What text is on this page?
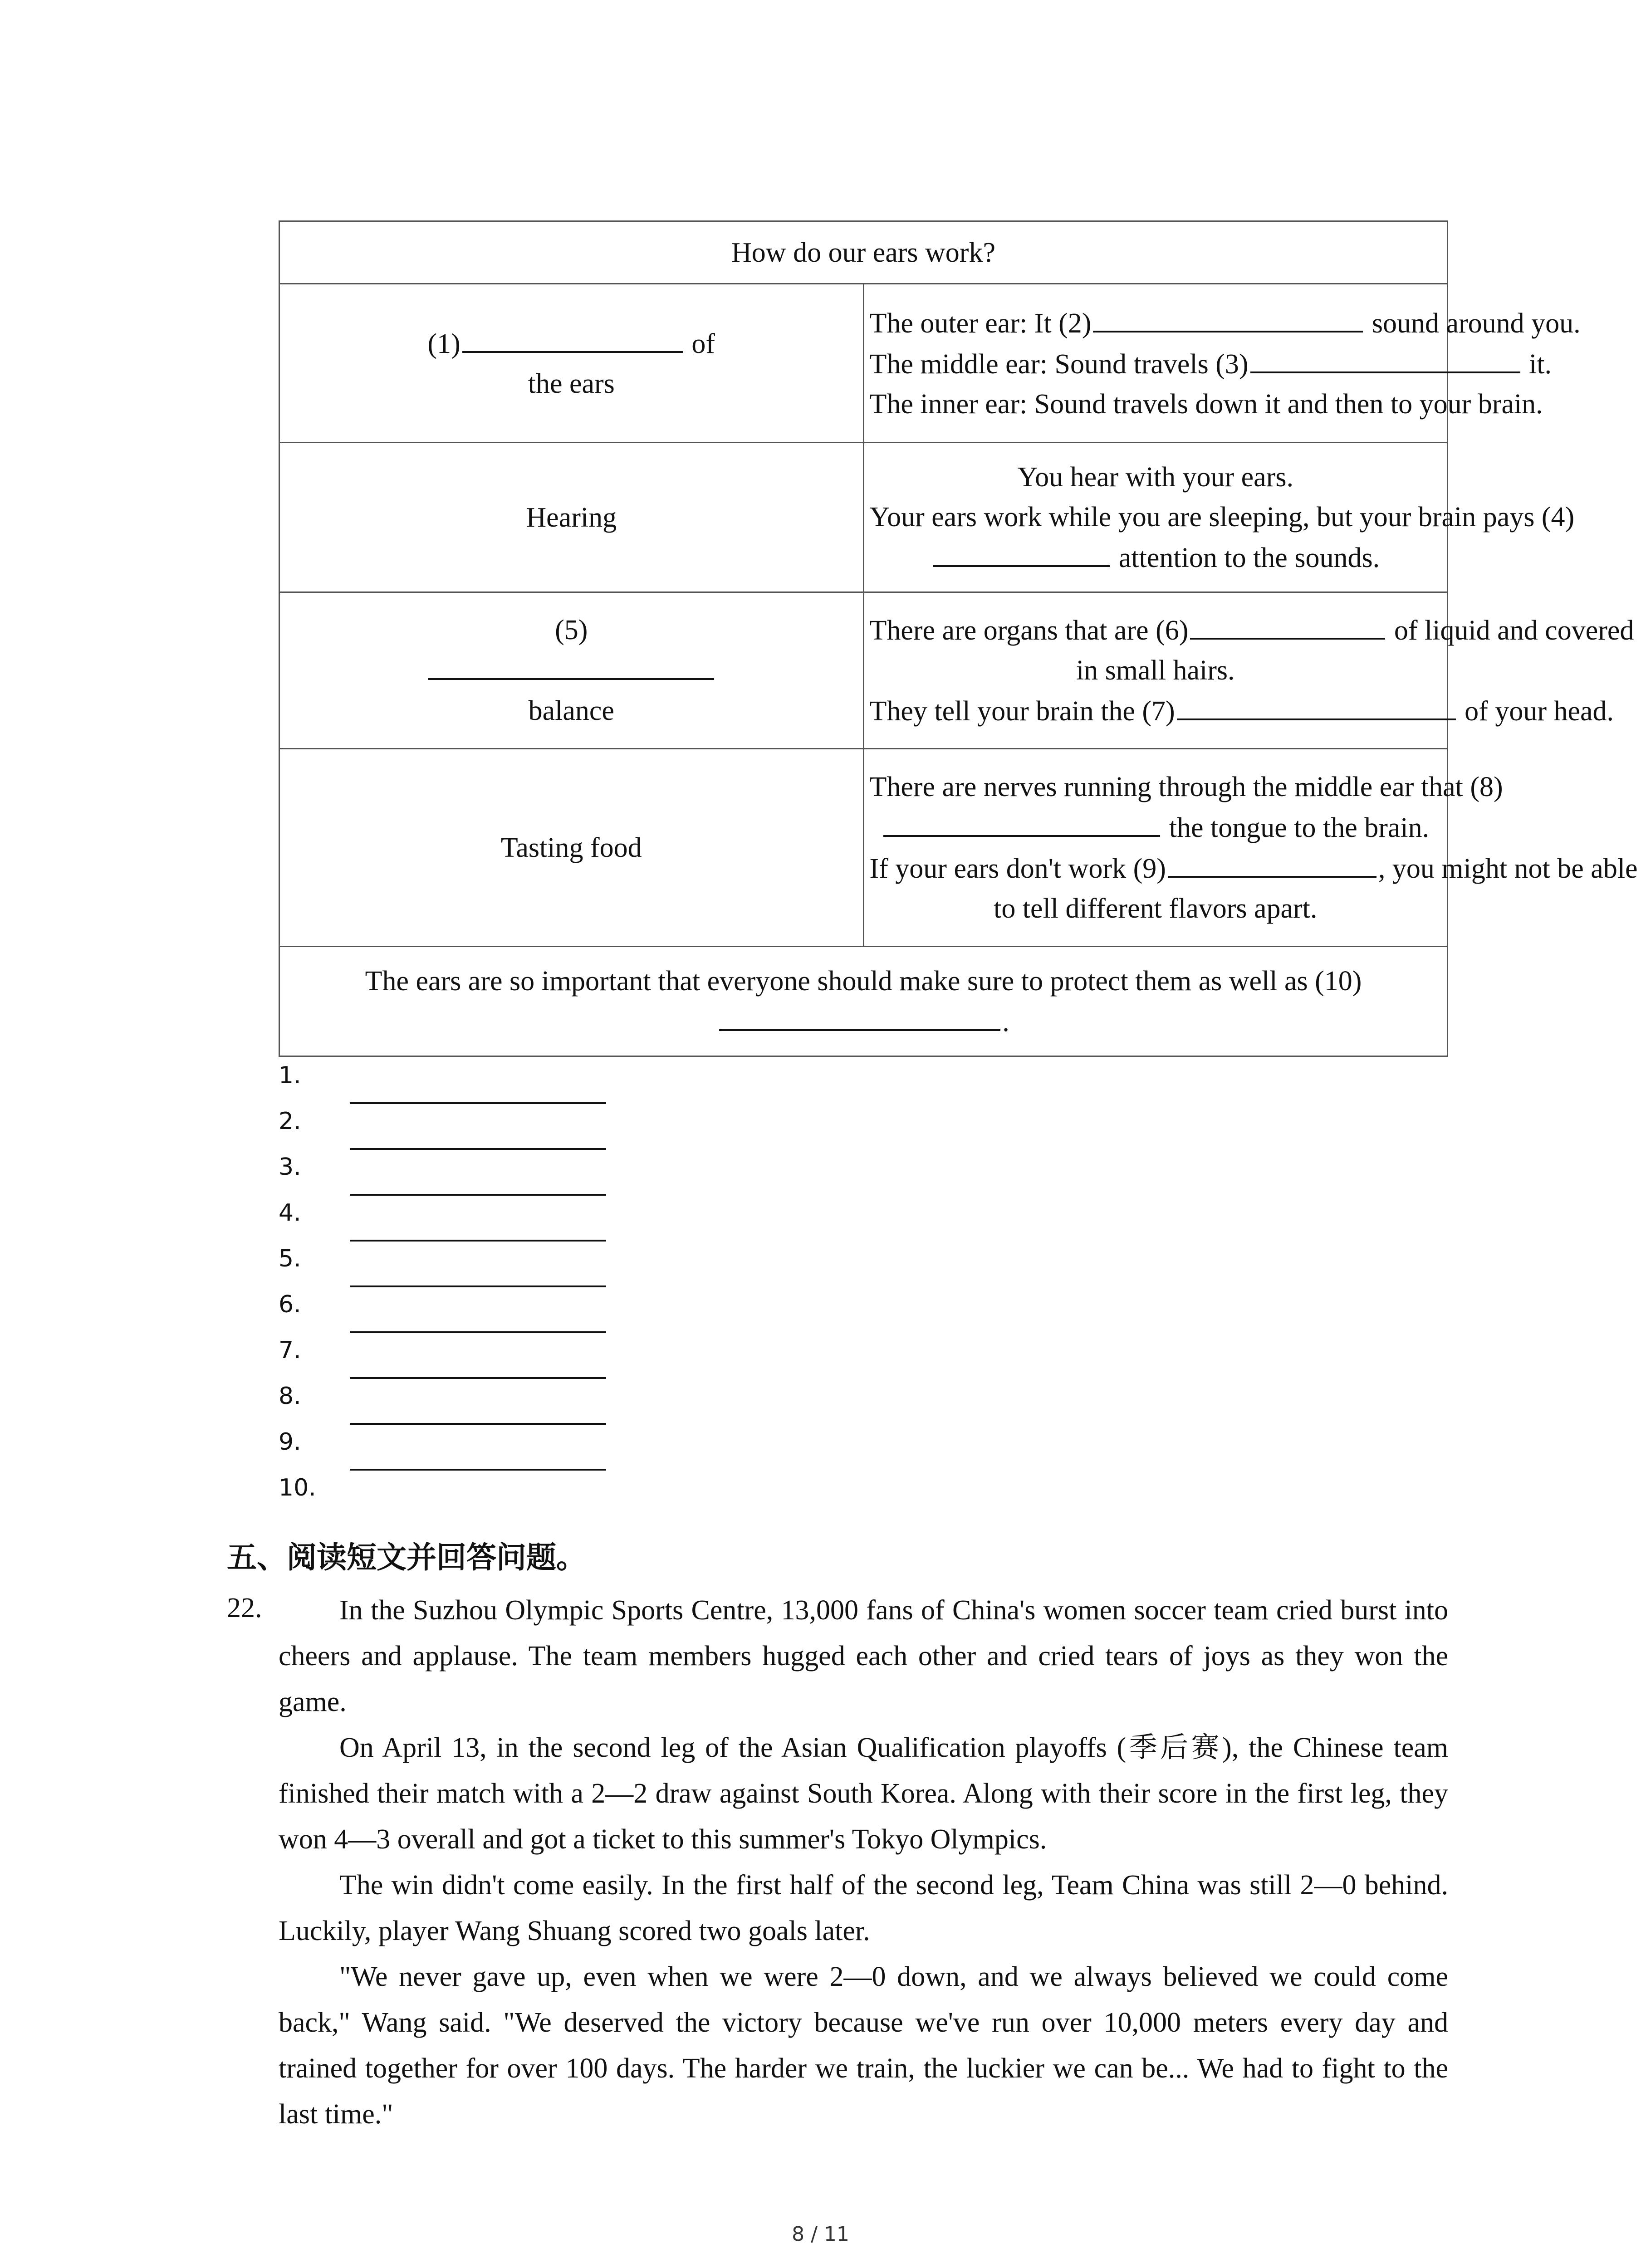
How do our ears work?	

(1) of
the ears	The outer ear: It (2) sound around you.
The middle ear: Sound travels (3) it.
The inner ear: Sound travels down it and then to your brain.

Hearing	You hear with your ears.
Your ears work while you are sleeping, but your brain pays (4)
attention to the sounds.

(5)
balance	There are organs that are (6) of liquid and covered
in small hairs.
They tell your brain the (7) of your head.

Tasting food	There are nerves running through the middle ear that (8)
the tongue to the brain.
If your ears don't work (9) , you might not be able
to tell different flavors apart.

The ears are so important that everyone should make sure to protect them as well as (10)
.	
1.
2.
3.
4.
5.
6.
7.
8.
9.
10.
五、阅读短文并回答问题。
22.	In the Suzhou Olympic Sports Centre, 13,000 fans of China's women soccer team cried burst into cheers and applause. The team members hugged each other and cried tears of joys as they won the game.

On April 13, in the second leg of the Asian Qualification playoffs (季后赛), the Chinese team finished their match with a 2—2 draw against South Korea. Along with their score in the first leg, they won 4—3 overall and got a ticket to this summer's Tokyo Olympics.

The win didn't come easily. In the first half of the second leg, Team China was still 2—0 behind. Luckily, player Wang Shuang scored two goals later.

"We never gave up, even when we were 2—0 down, and we always believed we could come back," Wang said. "We deserved the victory because we've run over 10,000 meters every day and trained together for over 100 days. The harder we train, the luckier we can be... We had to fight to the last time."

8 / 11
